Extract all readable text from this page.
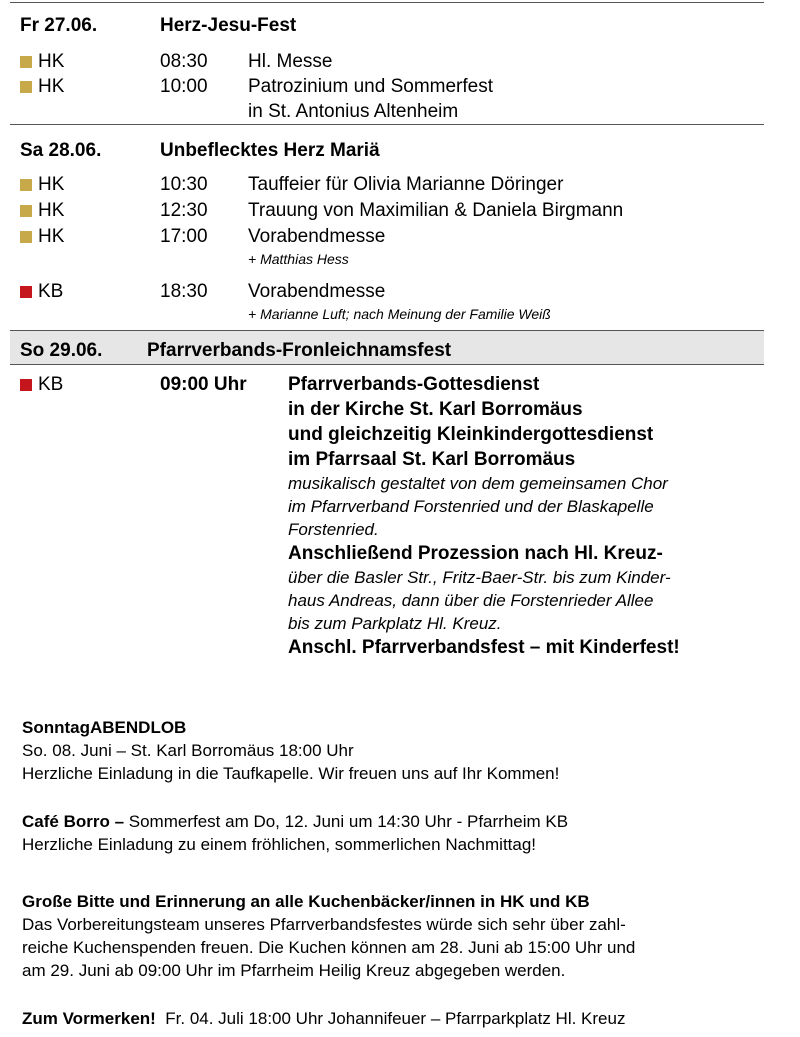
Fr 27.06.	Herz-Jesu-Fest
HK	08:30 Hl. Messe
HK	10:00 Patrozinium und Sommerfest
in St. Antonius Altenheim
Sa 28.06.	Unbeflecktes Herz Mariä
HK	10:30 Tauffeier für Olivia Marianne Döringer
HK	12:30 Trauung von Maximilian & Daniela Birgmann
HK	17:00 Vorabendmesse
+ Matthias Hess
KB	18:30 Vorabendmesse
+ Marianne Luft; nach Meinung der Familie Weiß
So 29.06. Pfarrverbands-Fronleichnamsfest
KB	09:00 Uhr Pfarrverbands-Gottesdienst
in der Kirche St. Karl Borromäus
und gleichzeitig Kleinkindergottesdienst
im Pfarrsaal St. Karl Borromäus
musikalisch gestaltet von dem gemeinsamen Chor
im Pfarrverband Forstenried und der Blaskapelle
Forstenried.
Anschließend Prozession nach Hl. Kreuz-
über die Basler Str., Fritz-Baer-Str. bis zum Kinder-
haus Andreas, dann über die Forstenrieder Allee
bis zum Parkplatz Hl. Kreuz.
Anschl. Pfarrverbandsfest – mit Kinderfest!
SonntagABENDLOB
So. 08. Juni – St. Karl Borromäus 18:00 Uhr
Herzliche Einladung in die Taufkapelle. Wir freuen uns auf Ihr Kommen!
Café Borro – Sommerfest am Do, 12. Juni um 14:30 Uhr - Pfarrheim KB
Herzliche Einladung zu einem fröhlichen, sommerlichen Nachmittag!
Große Bitte und Erinnerung an alle Kuchenbäcker/innen in HK und KB
Das Vorbereitungsteam unseres Pfarrverbandsfestes würde sich sehr über zahl-
reiche Kuchenspenden freuen. Die Kuchen können am 28. Juni ab 15:00 Uhr und
am 29. Juni ab 09:00 Uhr im Pfarrheim Heilig Kreuz abgegeben werden.
Zum Vormerken!  Fr. 04. Juli 18:00 Uhr Johannifeuer – Pfarrparkplatz Hl. Kreuz
